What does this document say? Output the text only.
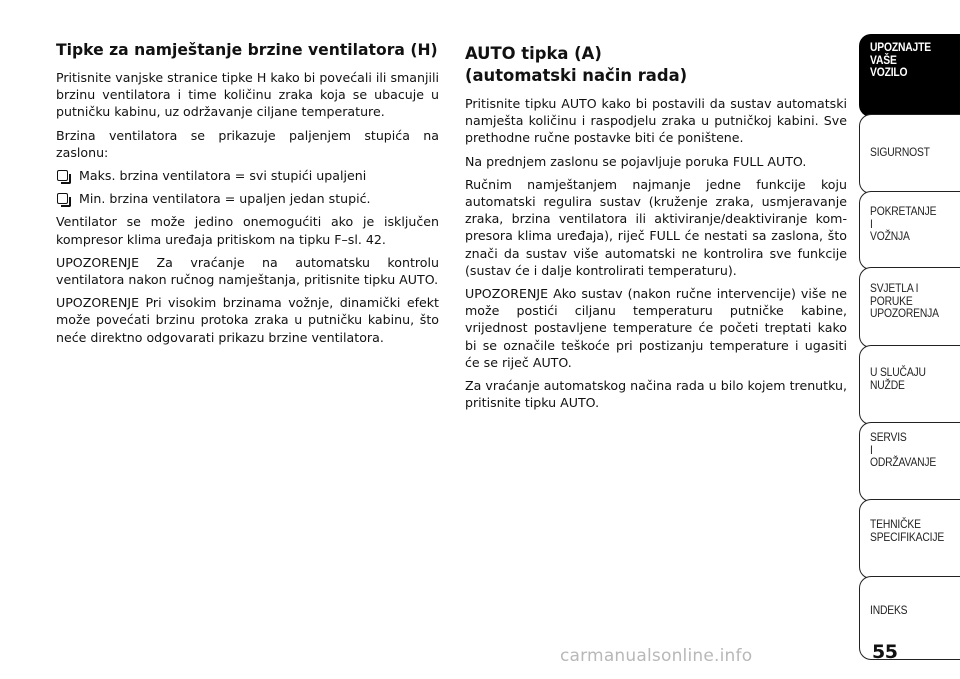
Tipke za namještanje brzine ventilatora (H)

Pritisnite vanjske stranice tipke H kako bi povećali ili smanjili brzinu ventilatora i time količinu zraka koja se ubacuje u putničku kabinu, uz održavanje ciljane temperature.

Brzina ventilatora se prikazuje paljenjem stupića na zaslonu:

Maks. brzina ventilatora = svi stupići upaljeni

Min. brzina ventilatora = upaljen jedan stupić.

Ventilator se može jedino onemogućiti ako je isključen kompresor klima uređaja pritiskom na tipku F–sl. 42.

UPOZORENJE Za vraćanje na automatsku kontrolu ventilatora nakon ručnog namještanja, pritisnite tipku AUTO.

UPOZORENJE Pri visokim brzinama vožnje, dinamički efekt može povećati brzinu protoka zraka u putničku kabinu, što neće direktno odgovarati prikazu brzine ventilatora.

AUTO tipka (A)
(automatski način rada)

Pritisnite tipku AUTO kako bi postavili da sustav automatski namješta količinu i raspodjelu zraka u putničkoj kabini. Sve prethodne ručne postavke biti će poništene.

Na prednjem zaslonu se pojavljuje poruka FULL AUTO.

Ručnim namještanjem najmanje jedne funkcije koju automatski regulira sustav (kruženje zraka, usmjeravanje zraka, brzina ventilatora ili aktiviranje/deaktiviranje kom-presora klima uređaja), riječ FULL će nestati sa zaslona, što znači da sustav više automatski ne kontrolira sve funkcije (sustav će i dalje kontrolirati temperaturu).

UPOZORENJE Ako sustav (nakon ručne intervencije) više ne može postići ciljanu temperaturu putničke kabine, vrijednost postavljene temperature će početi treptati kako bi se označile teškoće pri postizanju temperature i ugasiti će se riječ AUTO.

Za vraćanje automatskog načina rada u bilo kojem trenutku, pritisnite tipku AUTO.

UPOZNAJTE
VAŠE
VOZILO
SIGURNOST
POKRETANJE
I
VOŽNJA
SVJETLA I
PORUKE
UPOZORENJA
U SLUČAJU
NUŽDE
SERVIS
I
ODRŽAVANJE
TEHNIČKE
SPECIFIKACIJE
INDEKS
55
carmanualsonline.info
